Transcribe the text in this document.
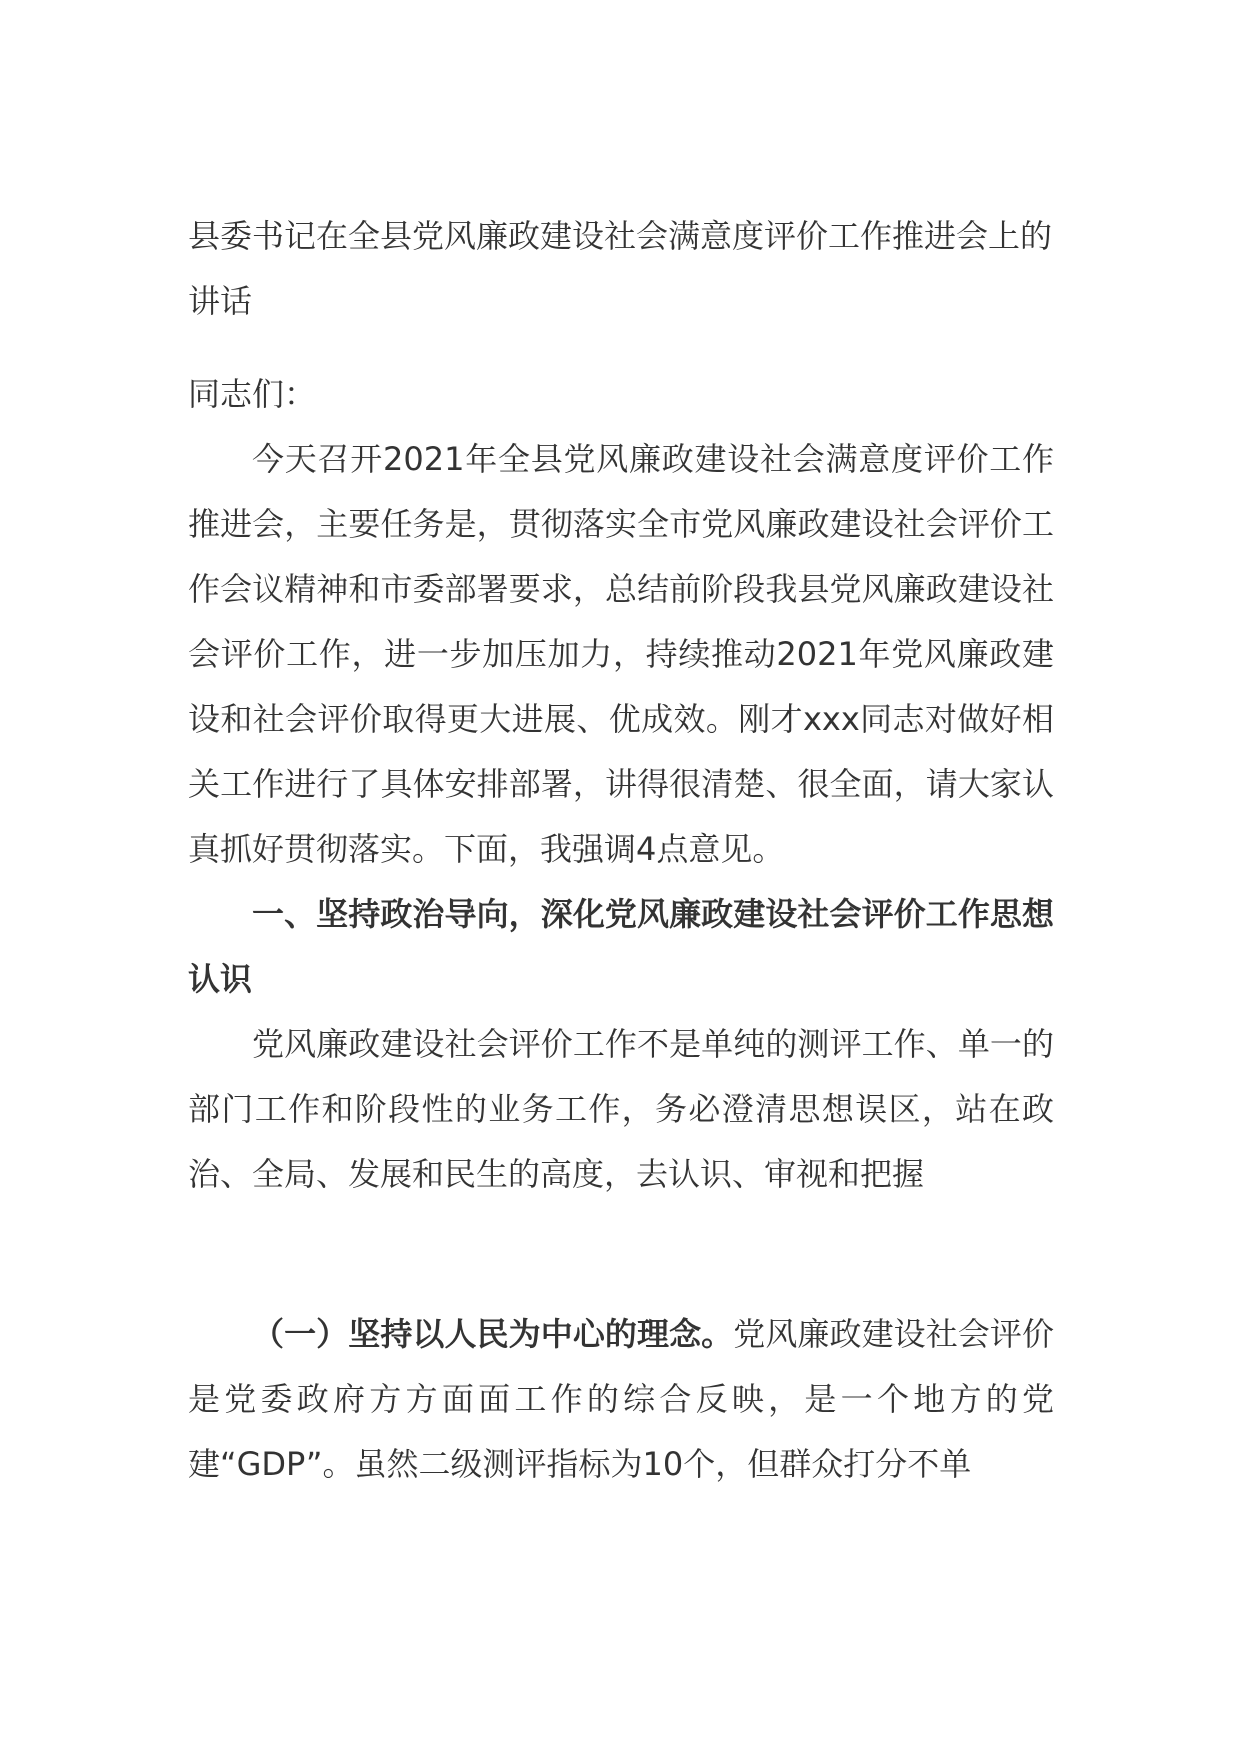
县委书记在全县党风廉政建设社会满意度评价工作推进会上的讲话
同志们：

今天召开2021年全县党风廉政建设社会满意度评价工作推进会，主要任务是，贯彻落实全市党风廉政建设社会评价工作会议精神和市委部署要求，总结前阶段我县党风廉政建设社会评价工作，进一步加压加力，持续推动2021年党风廉政建设和社会评价取得更大进展、优成效。刚才xxx同志对做好相关工作进行了具体安排部署，讲得很清楚、很全面，请大家认真抓好贯彻落实。下面，我强调4点意见。

一、坚持政治导向，深化党风廉政建设社会评价工作思想认识

党风廉政建设社会评价工作不是单纯的测评工作、单一的部门工作和阶段性的业务工作，务必澄清思想误区，站在政治、全局、发展和民生的高度，去认识、审视和把握

（一）坚持以人民为中心的理念。党风廉政建设社会评价是党委政府方方面面工作的综合反映，是一个地方的党建“GDP”。虽然二级测评指标为10个，但群众打分不单
